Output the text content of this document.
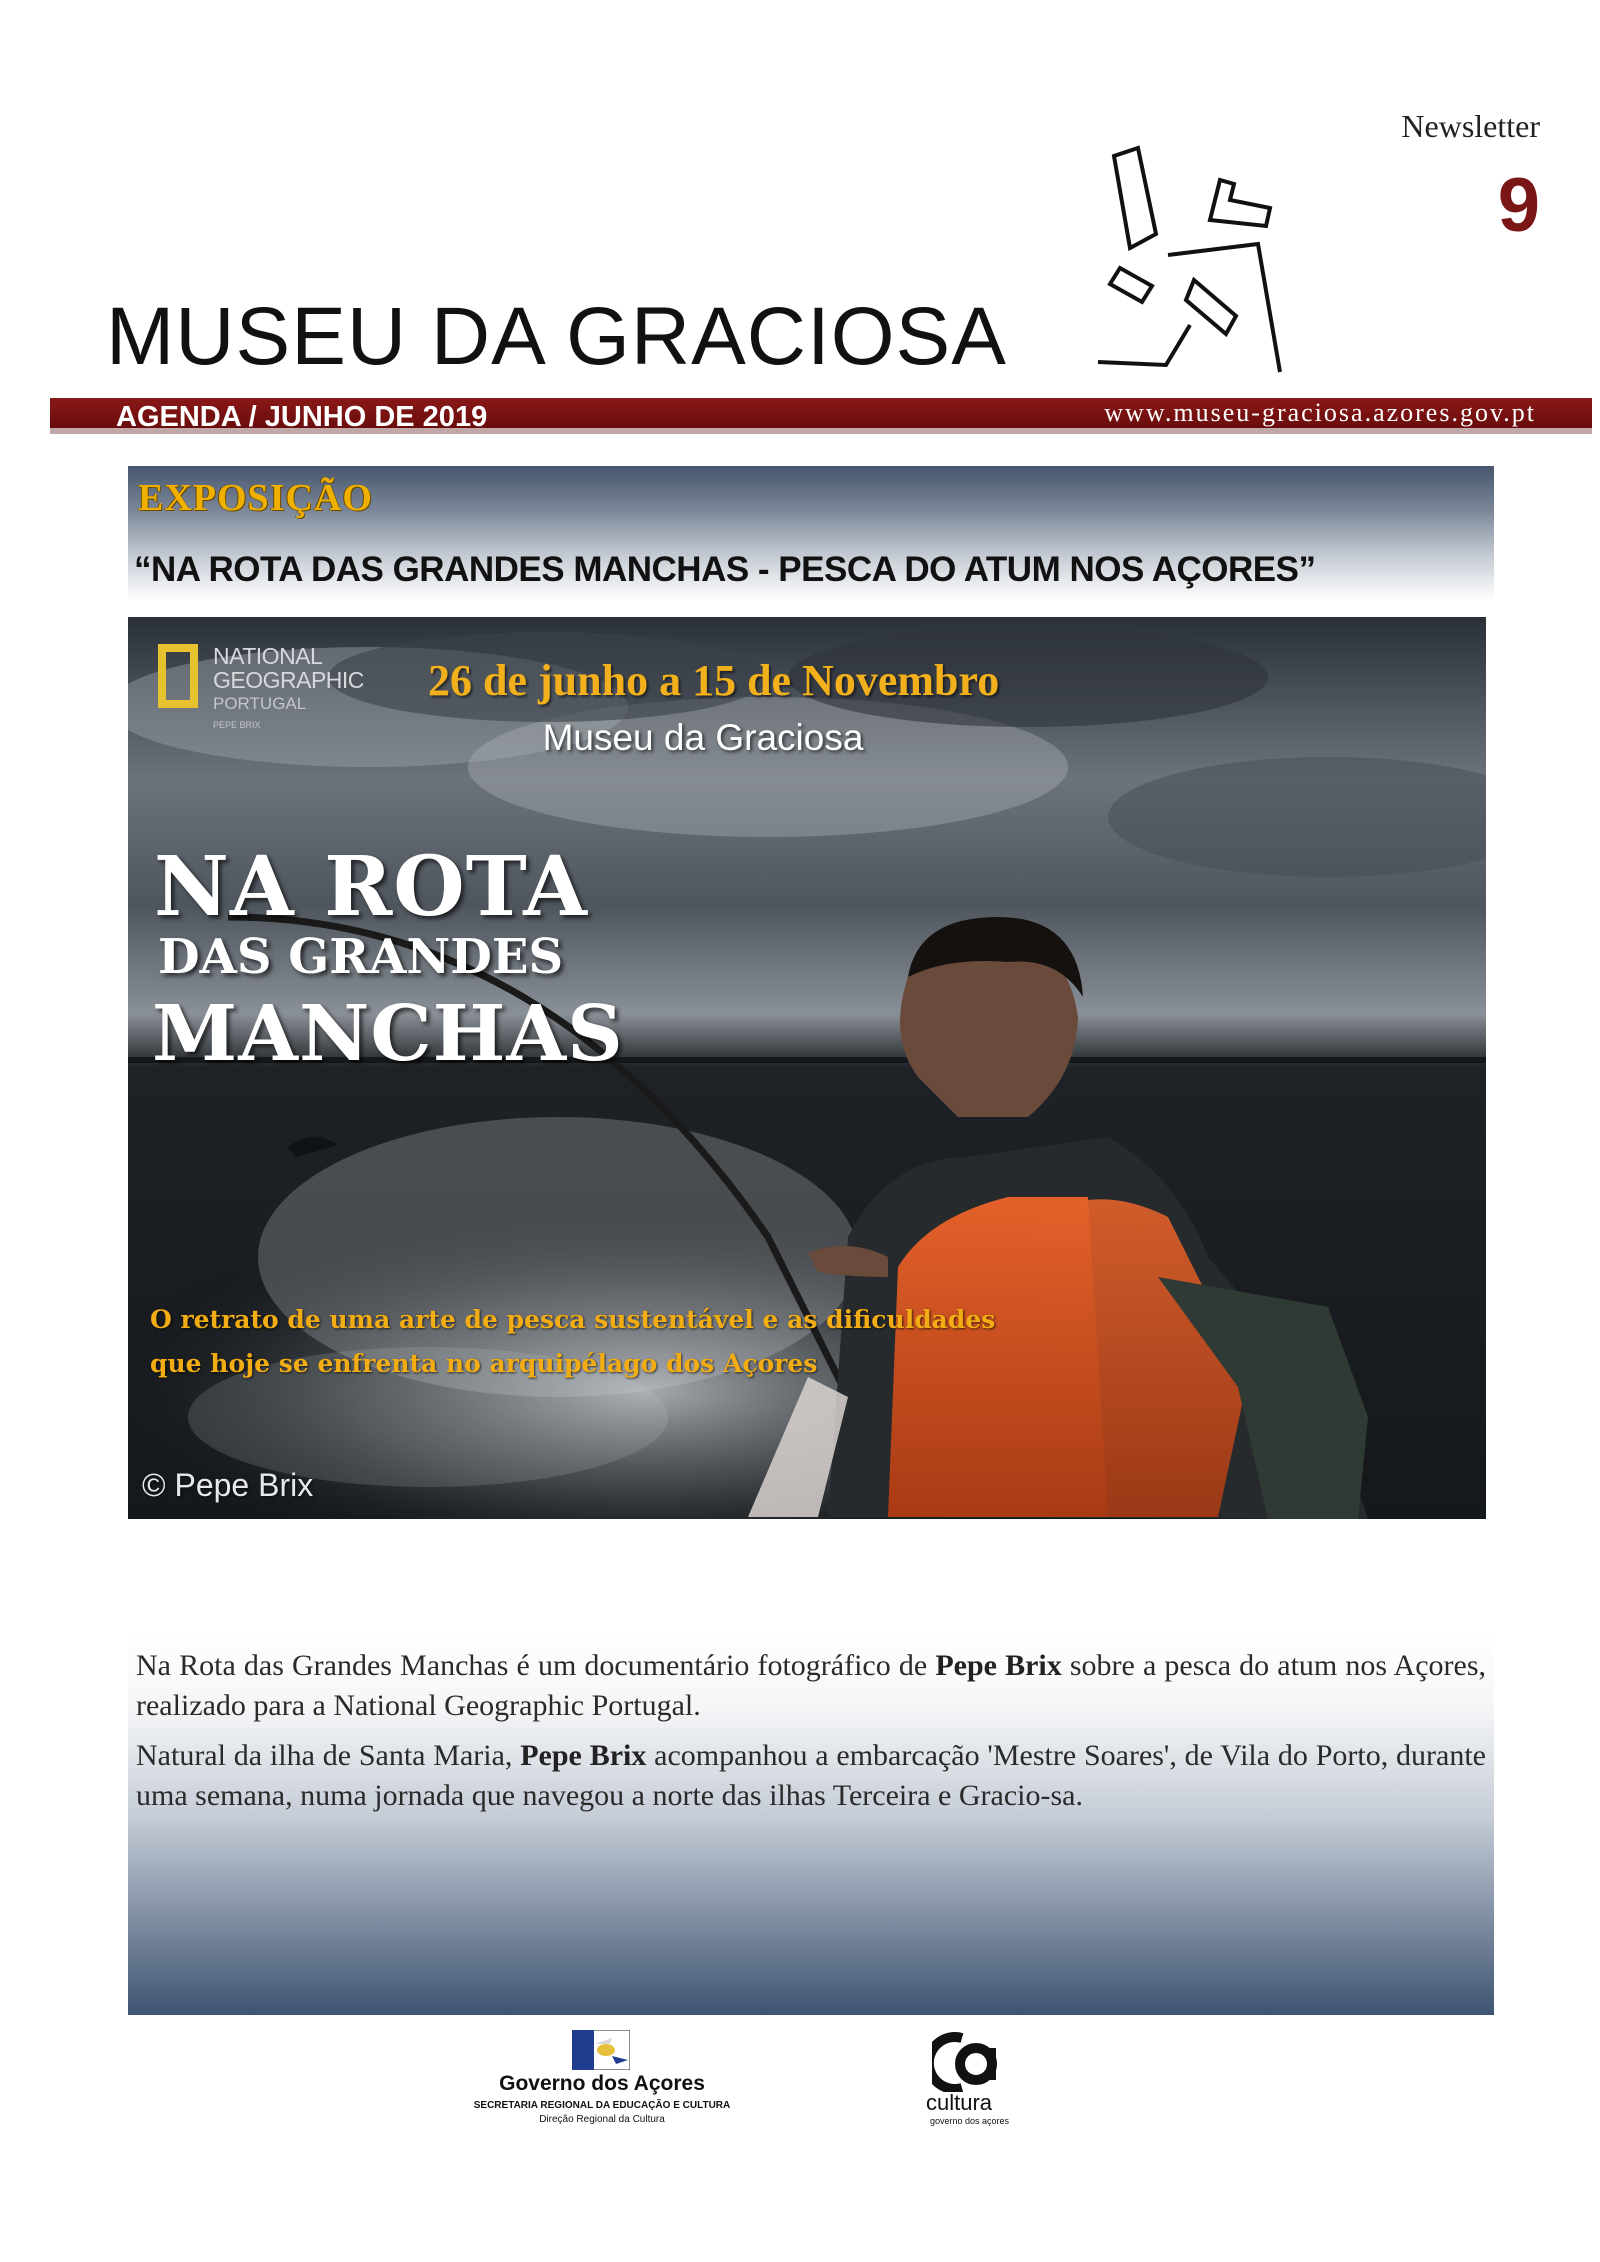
Newsletter
9
MUSEU DA GRACIOSA
AGENDA / JUNHO DE 2019	www.museu-graciosa.azores.gov.pt
EXPOSIÇÃO
“NA ROTA DAS GRANDES MANCHAS - PESCA DO ATUM NOS AÇORES”
NATIONAL
GEOGRAPHIC
PORTUGAL
PEPE BRIX
26 de junho a 15 de Novembro
Museu da Graciosa
NA ROTA
DAS GRANDES
MANCHAS
O retrato de uma arte de pesca sustentável e as dificuldades
que hoje se enfrenta no arquipélago dos Açores
© Pepe Brix
Na Rota das Grandes Manchas é um documentário fotográfico de Pepe Brix sobre a pesca do atum nos Açores, realizado para a National Geographic Portugal.
Natural da ilha de Santa Maria, Pepe Brix acompanhou a embarcação 'Mestre Soares', de Vila do Porto, durante uma semana, numa jornada que navegou a norte das ilhas Terceira e Gracio-sa.
Governo dos Açores
SECRETARIA REGIONAL DA EDUCAÇÃO E CULTURA
Direção Regional da Cultura
cultura
governo dos açores
